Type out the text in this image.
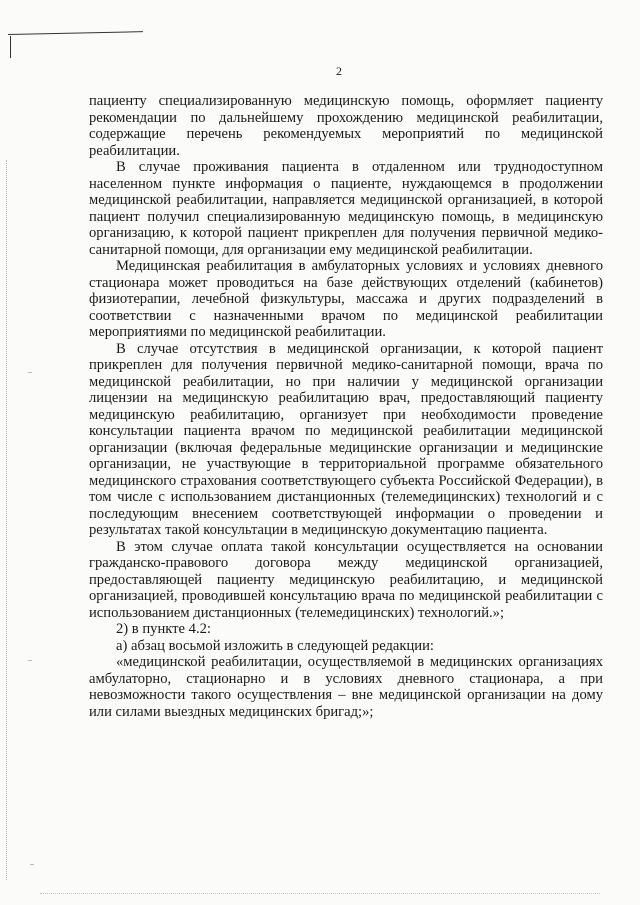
2

пациенту специализированную медицинскую помощь, оформляет пациенту рекомендации по дальнейшему прохождению медицинской реабилитации, содержащие перечень рекомендуемых мероприятий по медицинской реабилитации.

В случае проживания пациента в отдаленном или труднодоступном населенном пункте информация о пациенте, нуждающемся в продолжении медицинской реабилитации, направляется медицинской организацией, в которой пациент получил специализированную медицинскую помощь, в медицинскую организацию, к которой пациент прикреплен для получения первичной медико-санитарной помощи, для организации ему медицинской реабилитации.

Медицинская реабилитация в амбулаторных условиях и условиях дневного стационара может проводиться на базе действующих отделений (кабинетов) физиотерапии, лечебной физкультуры, массажа и других подразделений в соответствии с назначенными врачом по медицинской реабилитации мероприятиями по медицинской реабилитации.

В случае отсутствия в медицинской организации, к которой пациент прикреплен для получения первичной медико-санитарной помощи, врача по медицинской реабилитации, но при наличии у медицинской организации лицензии на медицинскую реабилитацию врач, предоставляющий пациенту медицинскую реабилитацию, организует при необходимости проведение консультации пациента врачом по медицинской реабилитации медицинской организации (включая федеральные медицинские организации и медицинские организации, не участвующие в территориальной программе обязательного медицинского страхования соответствующего субъекта Российской Федерации), в том числе с использованием дистанционных (телемедицинских) технологий и с последующим внесением соответствующей информации о проведении и результатах такой консультации в медицинскую документацию пациента.

В этом случае оплата такой консультации осуществляется на основании гражданско-правового договора между медицинской организацией, предоставляющей пациенту медицинскую реабилитацию, и медицинской организацией, проводившей консультацию врача по медицинской реабилитации с использованием дистанционных (телемедицинских) технологий.»;

2) в пункте 4.2:

а) абзац восьмой изложить в следующей редакции:

«медицинской реабилитации, осуществляемой в медицинских организациях амбулаторно, стационарно и в условиях дневного стационара, а при невозможности такого осуществления – вне медицинской организации на дому или силами выездных медицинских бригад;»;
